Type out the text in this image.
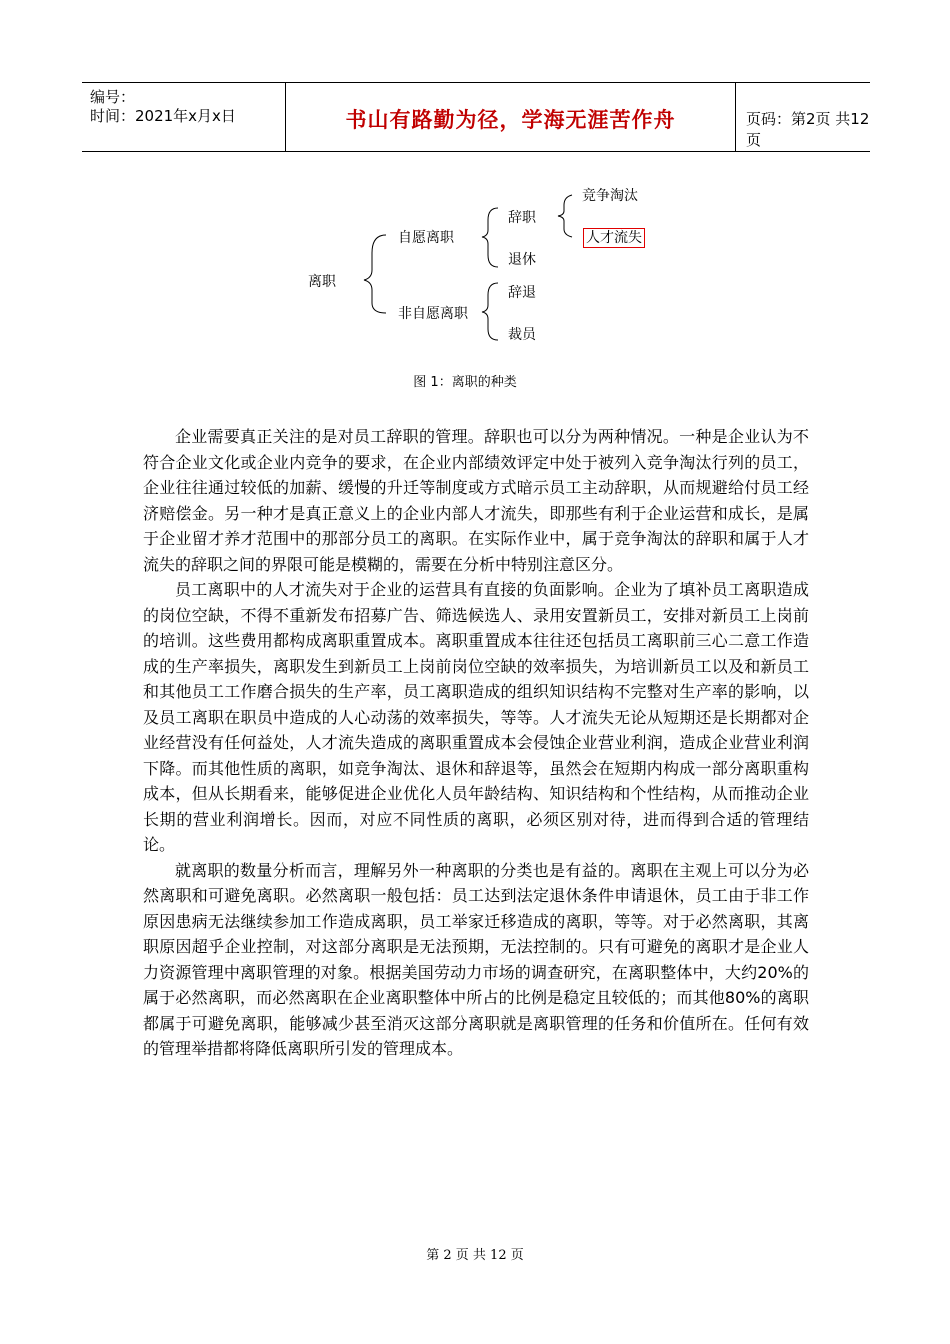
编号：
时间：2021年x月x日	书山有路勤为径，学海无涯苦作舟	页码：第2页 共12页
离职
自愿离职
非自愿离职
辞职
退休
辞退
裁员
竞争淘汰
人才流失
图 1：离职的种类

企业需要真正关注的是对员工辞职的管理。辞职也可以分为两种情况。一种是企业认为不符合企业文化或企业内竞争的要求，在企业内部绩效评定中处于被列入竞争淘汰行列的员工，企业往往通过较低的加薪、缓慢的升迁等制度或方式暗示员工主动辞职，从而规避给付员工经济赔偿金。另一种才是真正意义上的企业内部人才流失，即那些有利于企业运营和成长，是属于企业留才养才范围中的那部分员工的离职。在实际作业中，属于竞争淘汰的辞职和属于人才流失的辞职之间的界限可能是模糊的，需要在分析中特别注意区分。

员工离职中的人才流失对于企业的运营具有直接的负面影响。企业为了填补员工离职造成的岗位空缺，不得不重新发布招募广告、筛选候选人、录用安置新员工，安排对新员工上岗前的培训。这些费用都构成离职重置成本。离职重置成本往往还包括员工离职前三心二意工作造成的生产率损失，离职发生到新员工上岗前岗位空缺的效率损失，为培训新员工以及和新员工和其他员工工作磨合损失的生产率，员工离职造成的组织知识结构不完整对生产率的影响，以及员工离职在职员中造成的人心动荡的效率损失，等等。人才流失无论从短期还是长期都对企业经营没有任何益处，人才流失造成的离职重置成本会侵蚀企业营业利润，造成企业营业利润下降。而其他性质的离职，如竞争淘汰、退休和辞退等，虽然会在短期内构成一部分离职重构成本，但从长期看来，能够促进企业优化人员年龄结构、知识结构和个性结构，从而推动企业长期的营业利润增长。因而，对应不同性质的离职，必须区别对待，进而得到合适的管理结论。

就离职的数量分析而言，理解另外一种离职的分类也是有益的。离职在主观上可以分为必然离职和可避免离职。必然离职一般包括：员工达到法定退休条件申请退休，员工由于非工作原因患病无法继续参加工作造成离职，员工举家迁移造成的离职，等等。对于必然离职，其离职原因超乎企业控制，对这部分离职是无法预期，无法控制的。只有可避免的离职才是企业人力资源管理中离职管理的对象。根据美国劳动力市场的调查研究，在离职整体中，大约20%的属于必然离职，而必然离职在企业离职整体中所占的比例是稳定且较低的；而其他80%的离职都属于可避免离职，能够减少甚至消灭这部分离职就是离职管理的任务和价值所在。任何有效的管理举措都将降低离职所引发的管理成本。

第 2 页 共 12 页
